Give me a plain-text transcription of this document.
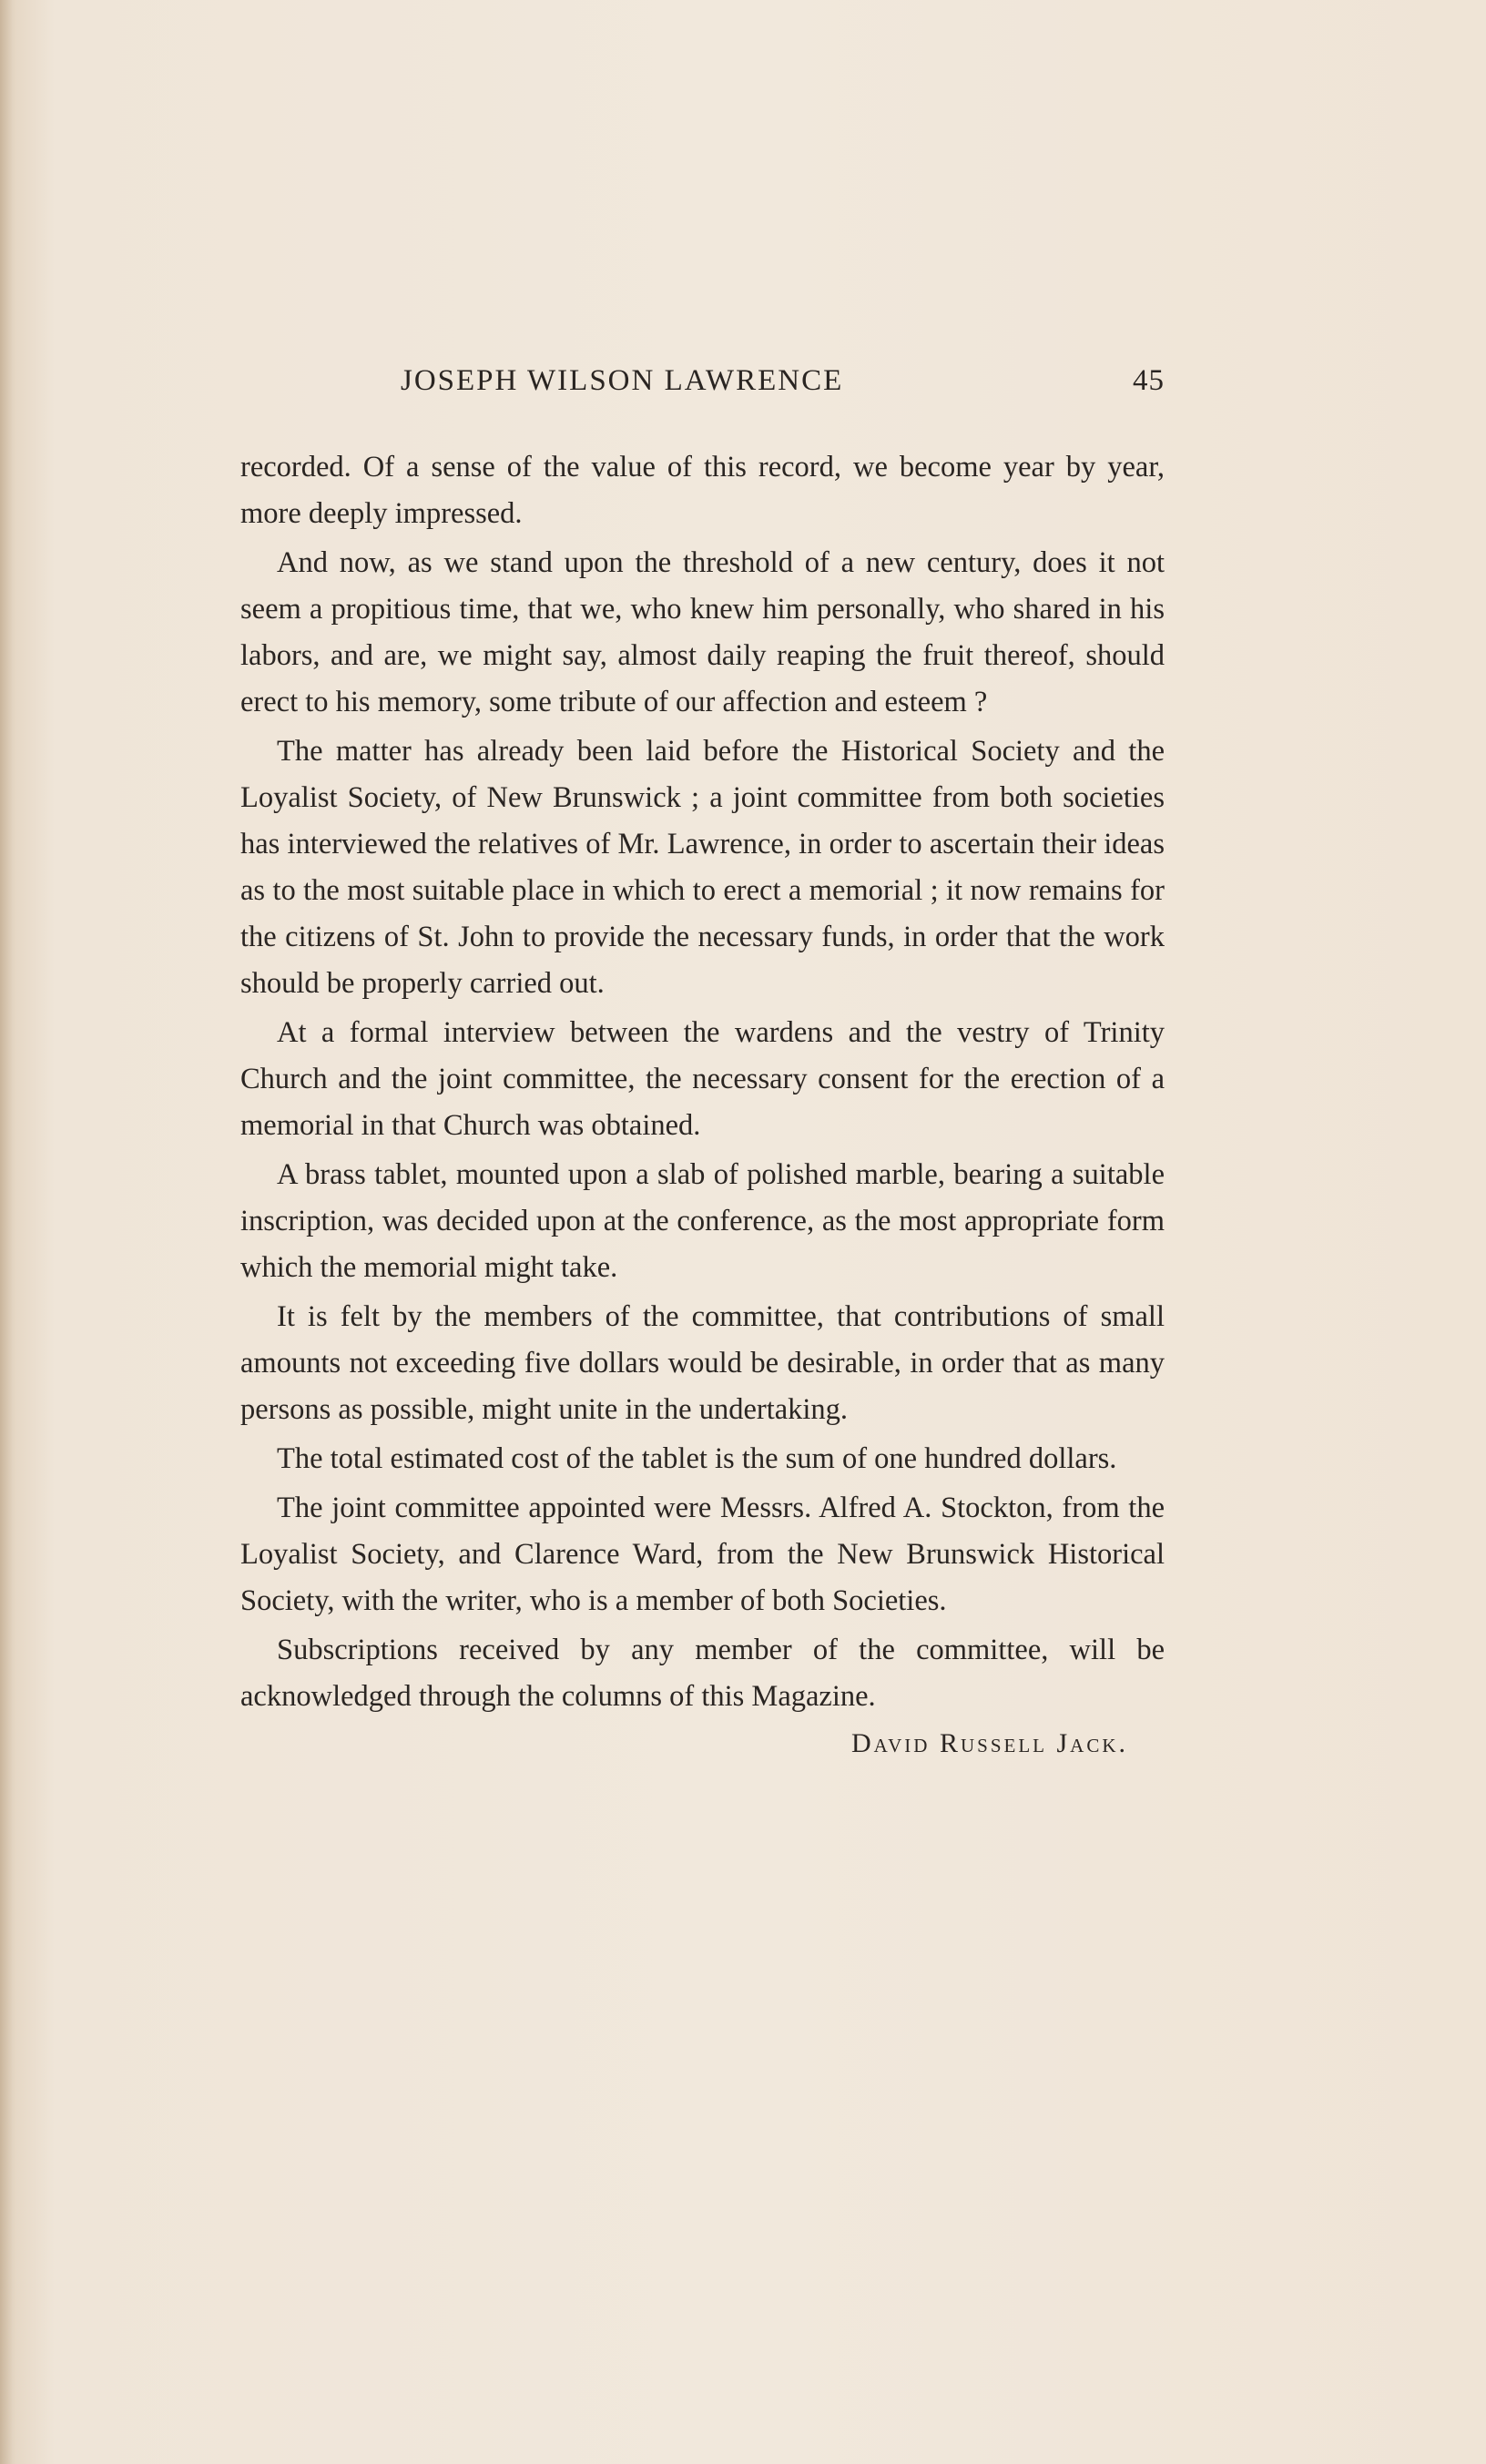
JOSEPH WILSON LAWRENCE	45

recorded. Of a sense of the value of this record, we become year by year, more deeply impressed.

And now, as we stand upon the threshold of a new century, does it not seem a propitious time, that we, who knew him personally, who shared in his labors, and are, we might say, almost daily reaping the fruit thereof, should erect to his memory, some tribute of our affection and esteem ?

The matter has already been laid before the Historical Society and the Loyalist Society, of New Brunswick ; a joint committee from both societies has interviewed the relatives of Mr. Lawrence, in order to ascertain their ideas as to the most suitable place in which to erect a memorial ; it now remains for the citizens of St. John to provide the necessary funds, in order that the work should be properly carried out.

At a formal interview between the wardens and the vestry of Trinity Church and the joint committee, the necessary consent for the erection of a memorial in that Church was obtained.

A brass tablet, mounted upon a slab of polished marble, bearing a suitable inscription, was decided upon at the conference, as the most appropriate form which the memorial might take.

It is felt by the members of the committee, that contributions of small amounts not exceeding five dollars would be desirable, in order that as many persons as possible, might unite in the undertaking.

The total estimated cost of the tablet is the sum of one hundred dollars.

The joint committee appointed were Messrs. Alfred A. Stockton, from the Loyalist Society, and Clarence Ward, from the New Brunswick Historical Society, with the writer, who is a member of both Societies.

Subscriptions received by any member of the committee, will be acknowledged through the columns of this Magazine.

David Russell Jack.
